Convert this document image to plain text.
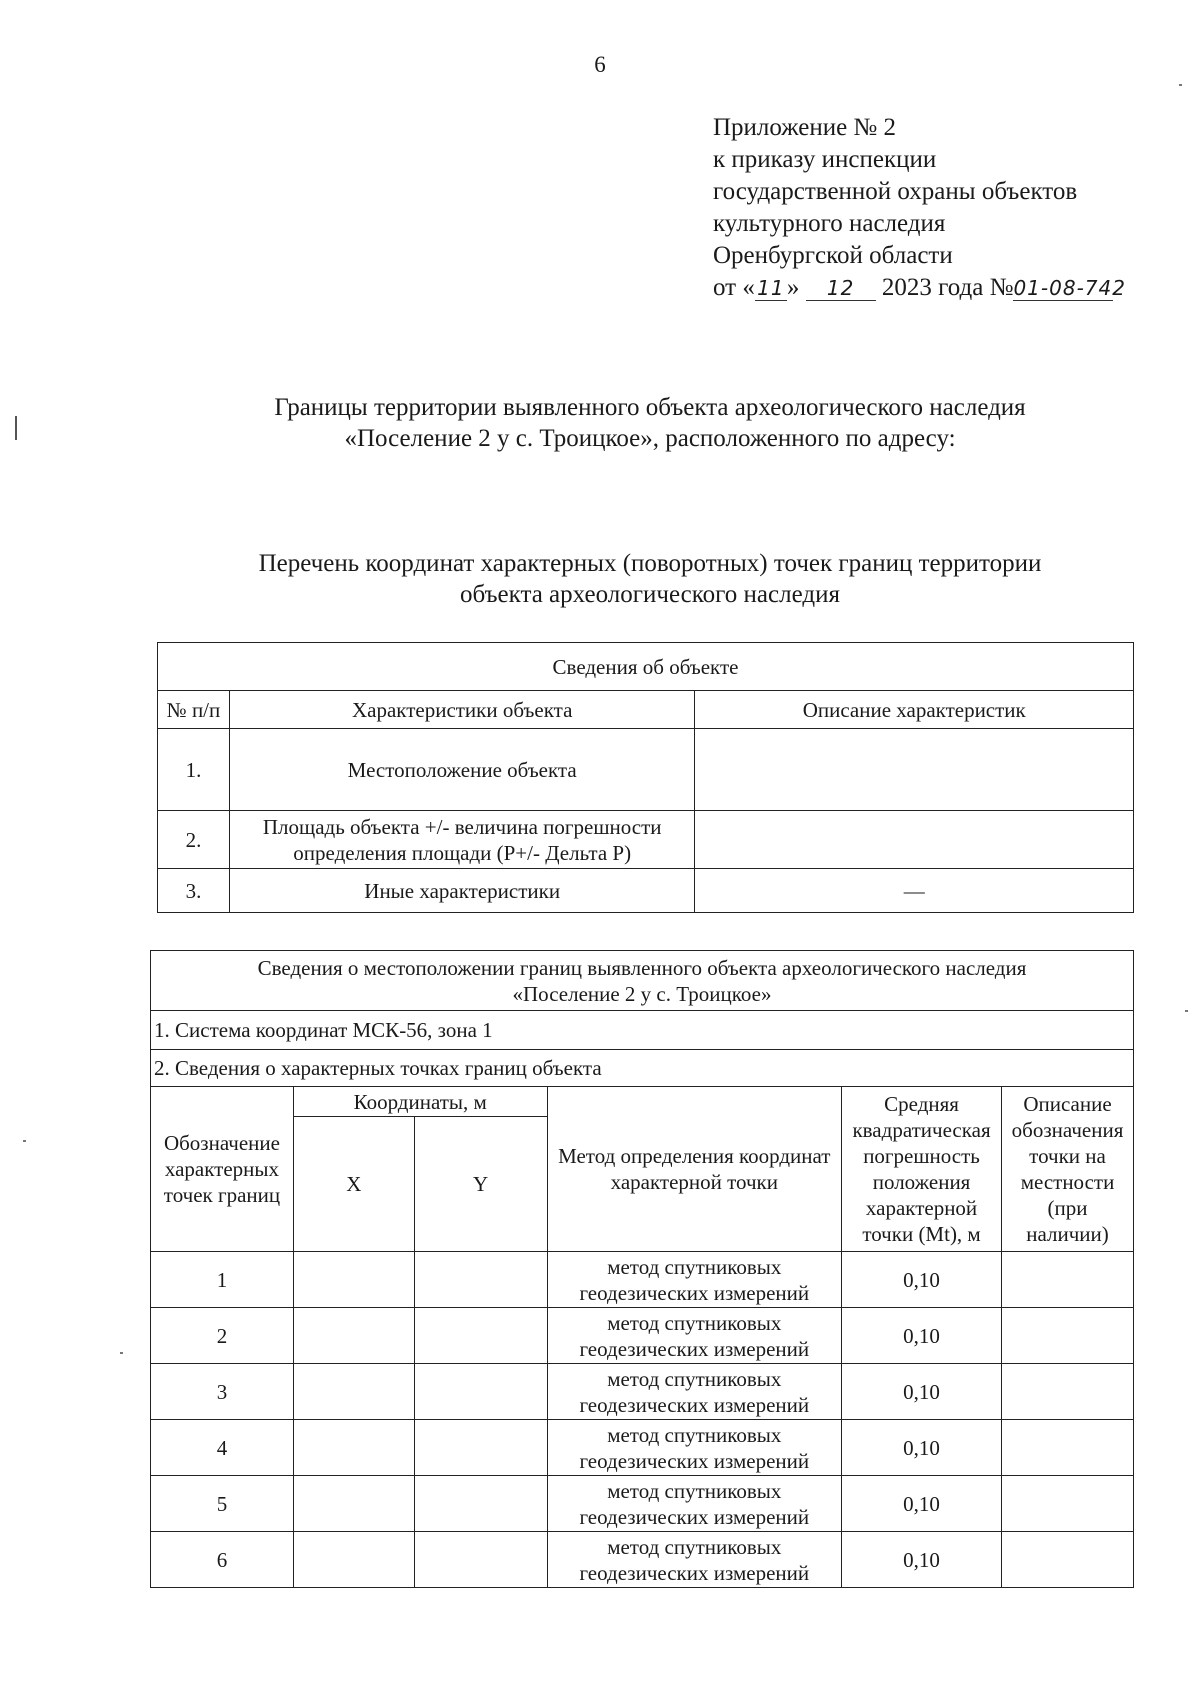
6
Приложение № 2
к приказу инспекции
государственной охраны объектов
культурного наследия
Оренбургской области
от « 11» 12 2023 года №01-08-742
Границы территории выявленного объекта археологического наследия
«Поселение 2 у с. Троицкое», расположенного по адресу:
Перечень координат характерных (поворотных) точек границ территории
объекта археологического наследия
Сведения об объекте		
№ п/п	Характеристики объекта	Описание характеристик
1.	Местоположение объекта	
2.	Площадь объекта +/- величина погрешности
определения площади (Р+/- Дельта Р)	

3.	Иные характеристики	—
Сведения о местоположении границ выявленного объекта археологического наследия
«Поселение 2 у с. Троицкое»					

1. Система координат МСК-56, зона 1					
2. Сведения о характерных точках границ объекта					
Обозначение характерных точек границ	Координаты, м		Метод определения координат характерной точки	Средняя квадратическая погрешность положения характерной точки (Mt), м	Описание обозначения точки на местности (при наличии)
	X	Y			
1			метод спутниковых
геодезических измерений	0,10	
2			метод спутниковых
геодезических измерений	0,10	
3			метод спутниковых
геодезических измерений	0,10	
4			метод спутниковых
геодезических измерений	0,10	
5			метод спутниковых
геодезических измерений	0,10	
6			метод спутниковых
геодезических измерений	0,10	
